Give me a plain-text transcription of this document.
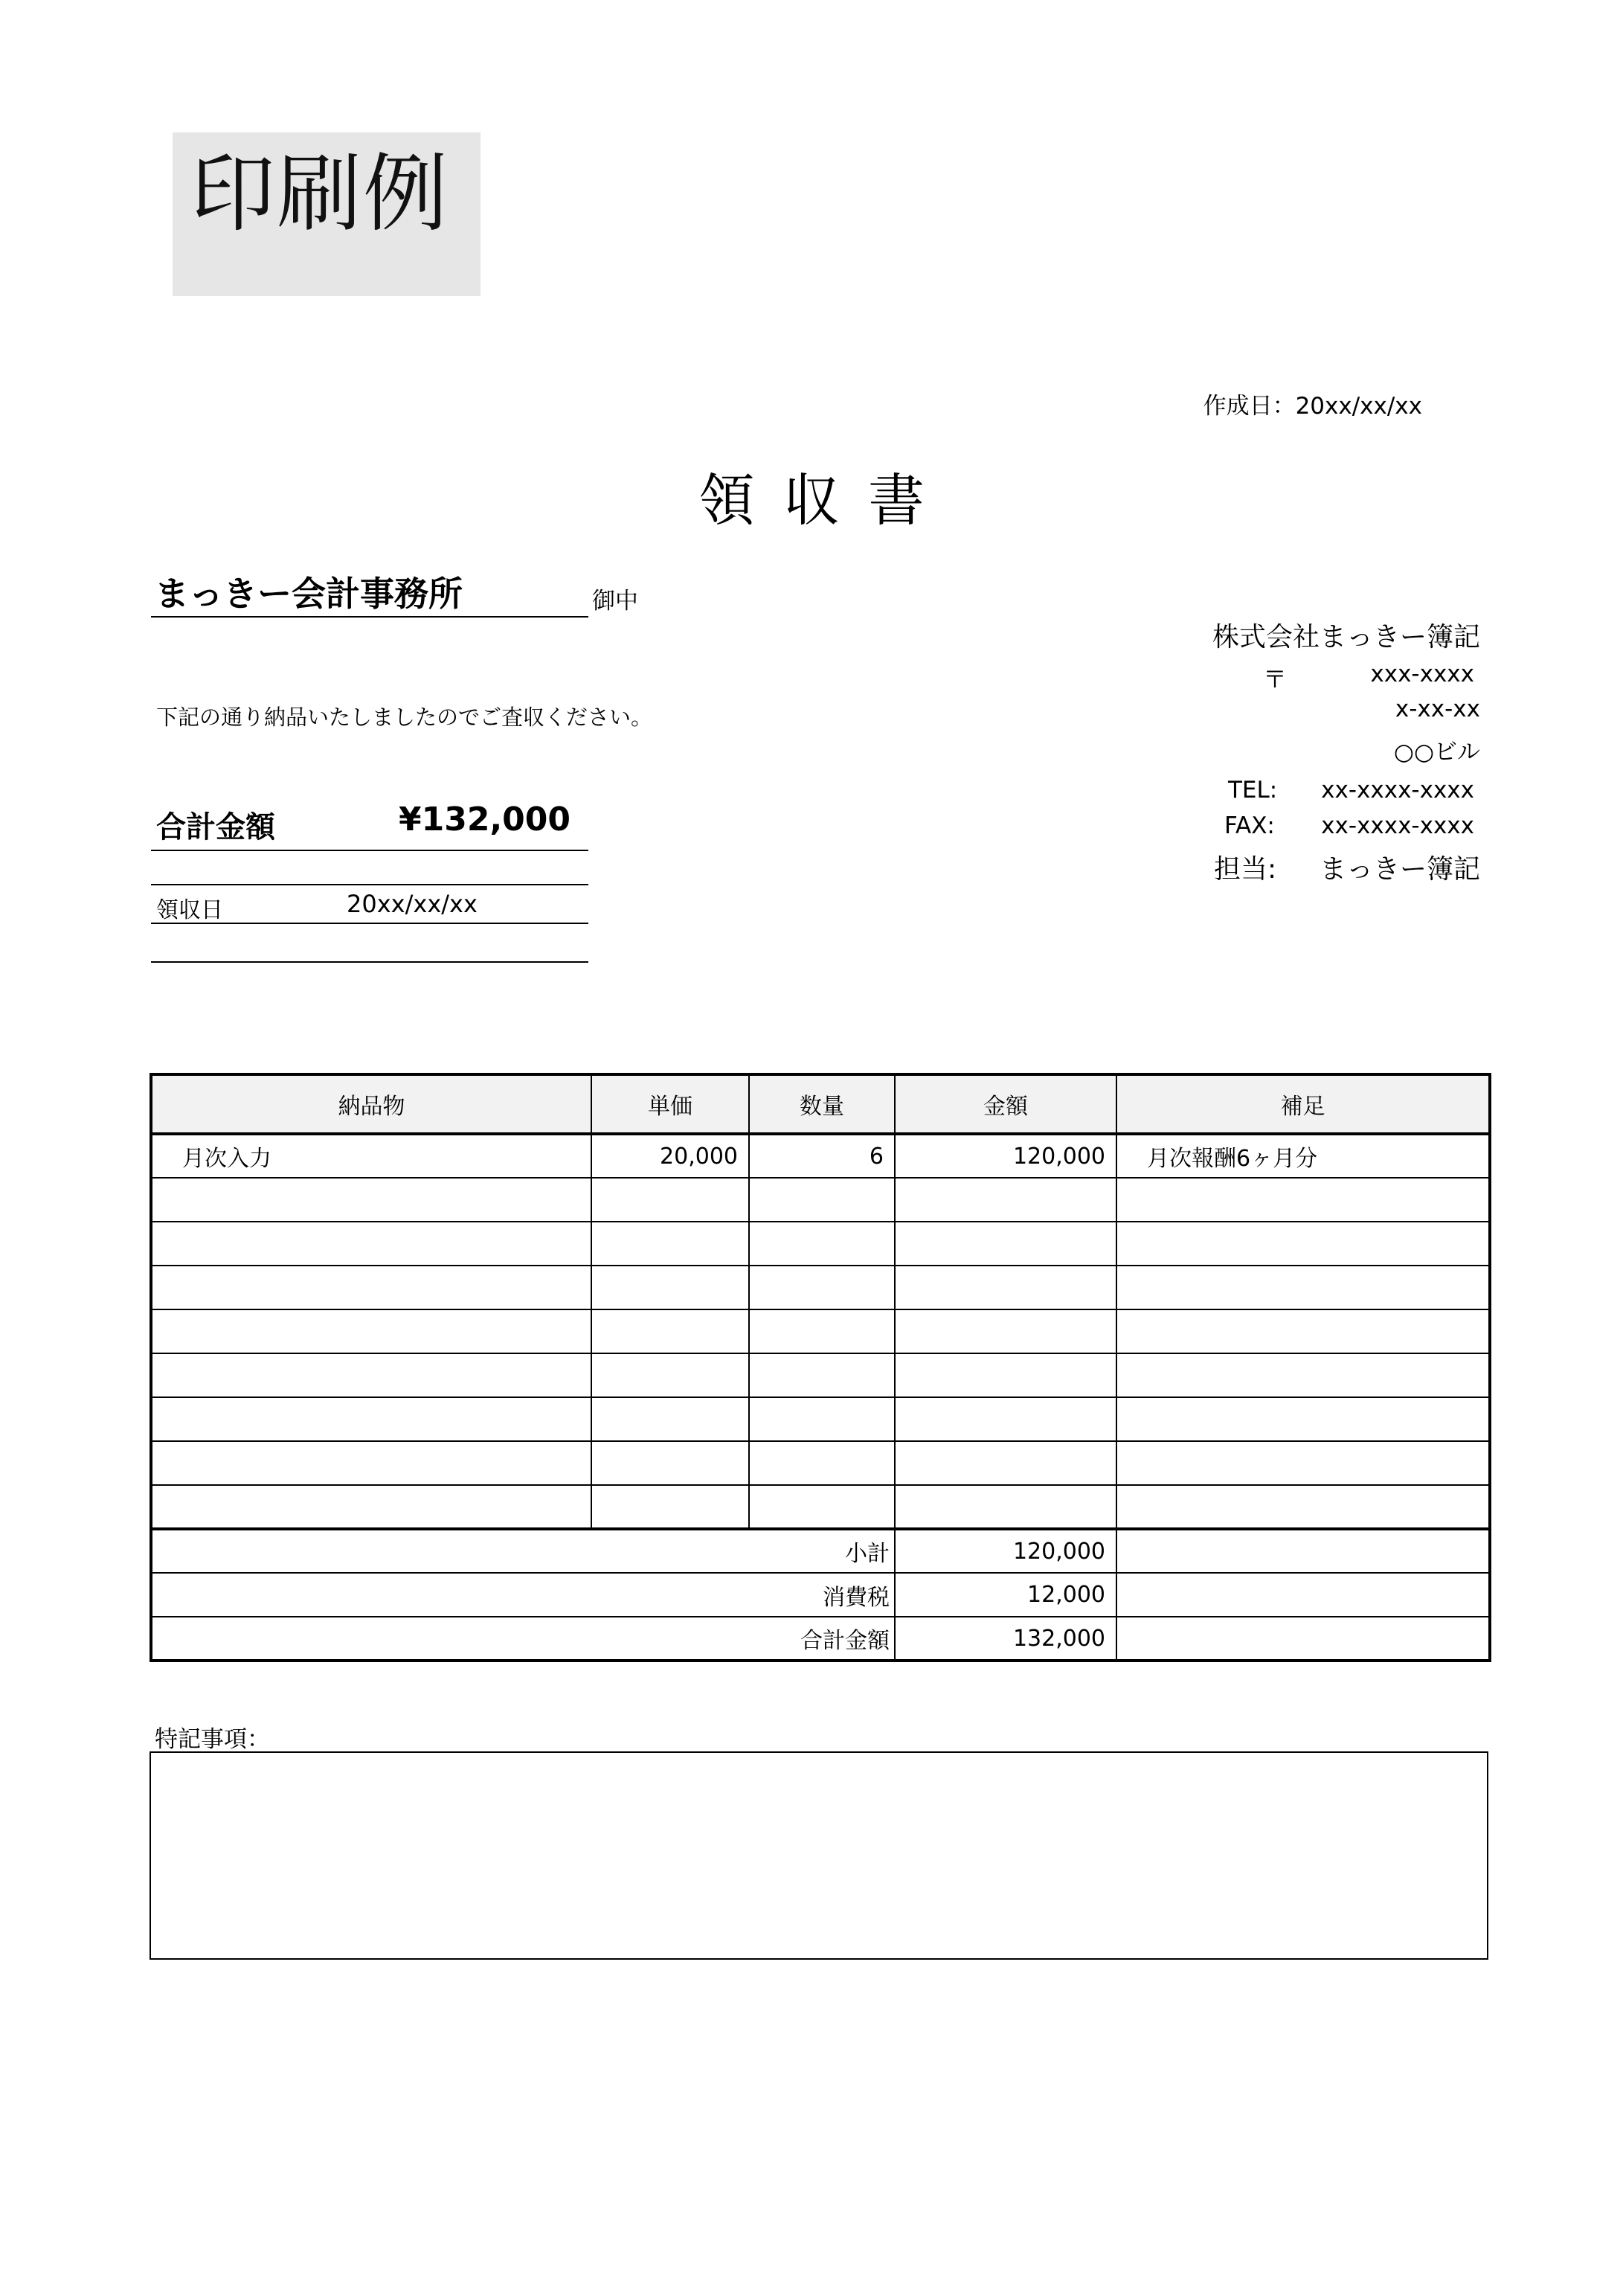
印刷例
作成日：20xx/xx/xx
領収書
まっきー会計事務所	御中
下記の通り納品いたしましたのでご査収ください。
合計金額	¥132,000
領収日	20xx/xx/xx
株式会社まっきー簿記
〒	xxx-xxxx
x-xx-xx
○○ビル
TEL: xx-xxxx-xxxx
FAX: xx-xxxx-xxxx
担当: まっきー簿記
納品物	単価	数量	金額	補足
月次入力	20,000	6	120,000	月次報酬6ヶ月分

小計			120,000	
消費税			12,000	
合計金額			132,000	
特記事項：
